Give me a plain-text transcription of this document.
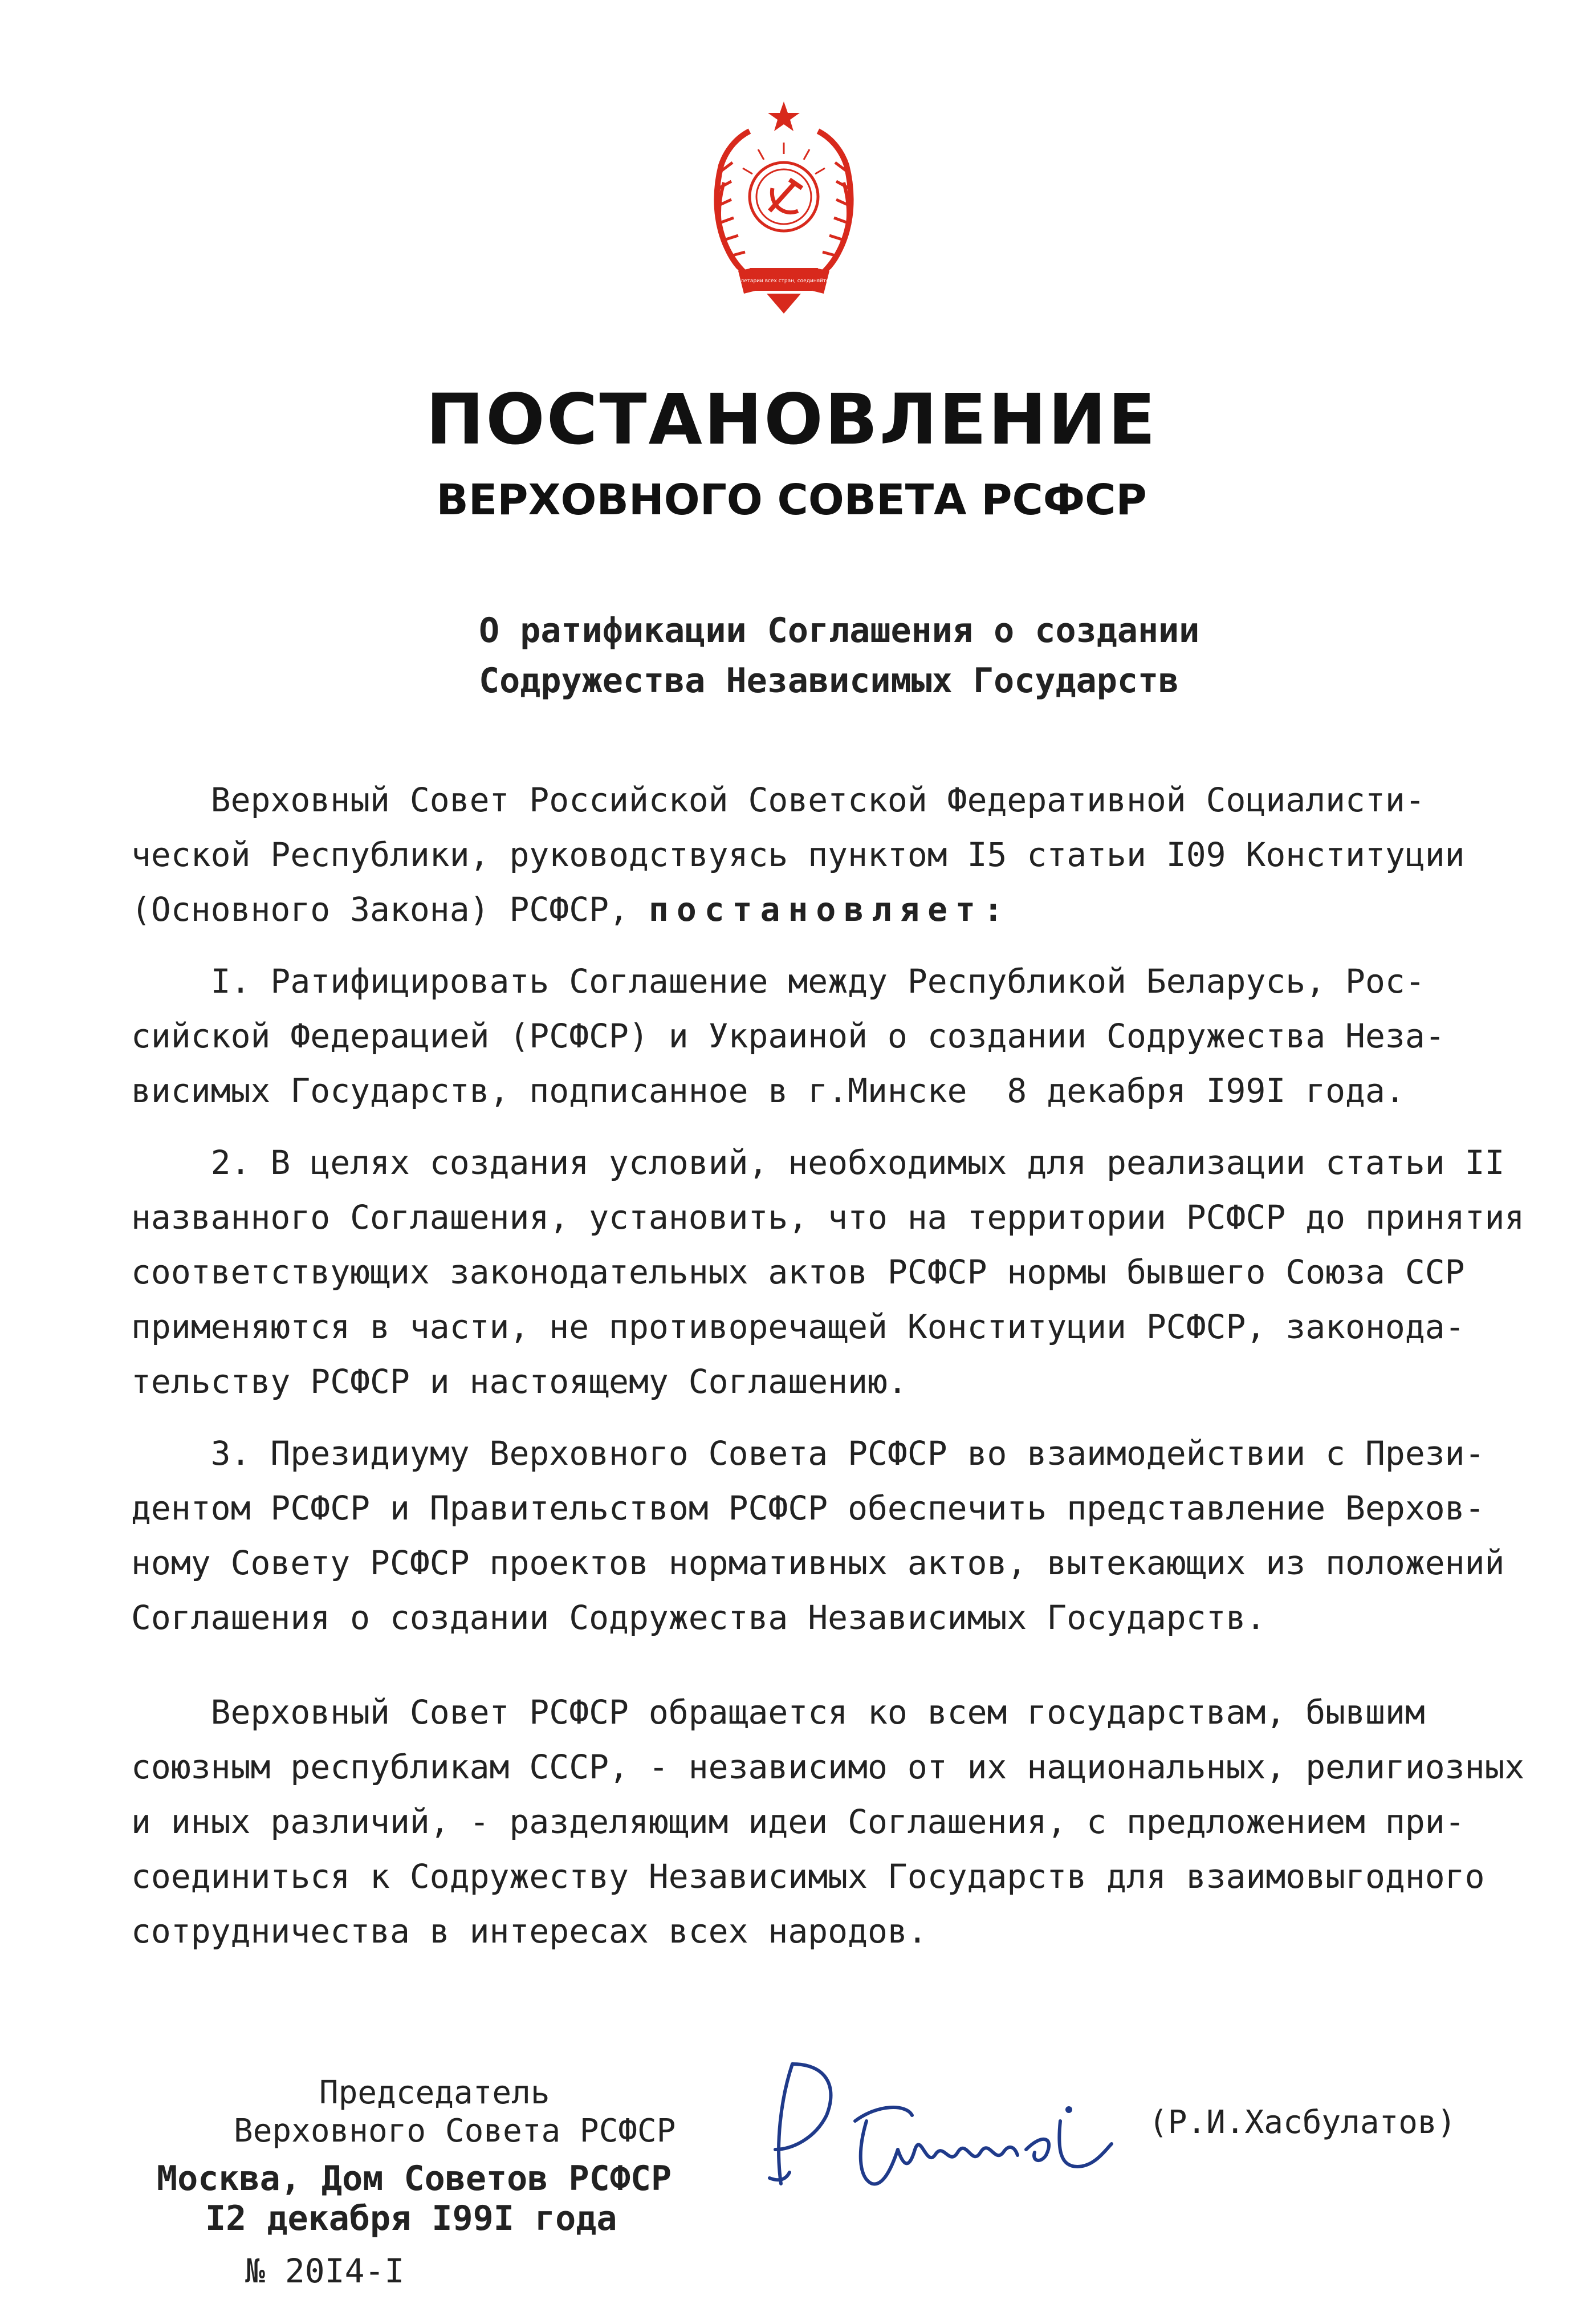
Пролетарии всех стран, соединяйтесь!
ПОСТАНОВЛЕНИЕ
ВЕРХОВНОГО СОВЕТА РСФСР
О ратификации Соглашения о создании
Содружества Независимых Государств
Верховный Совет Российской Советской Федеративной Социалисти-
ческой Республики, руководствуясь пунктом I5 статьи I09 Конституции
(Основного Закона) РСФСР, постановляет:
I. Ратифицировать Соглашение между Республикой Беларусь, Рос-
сийской Федерацией (РСФСР) и Украиной о создании Содружества Неза-
висимых Государств, подписанное в г.Минске  8 декабря I99I года.
2. В целях создания условий, необходимых для реализации статьи II
названного Соглашения, установить, что на территории РСФСР до принятия
соответствующих законодательных актов РСФСР нормы бывшего Союза ССР
применяются в части, не противоречащей Конституции РСФСР, законода-
тельству РСФСР и настоящему Соглашению.
3. Президиуму Верховного Совета РСФСР во взаимодействии с Прези-
дентом РСФСР и Правительством РСФСР обеспечить представление Верхов-
ному Совету РСФСР проектов нормативных актов, вытекающих из положений
Соглашения о создании Содружества Независимых Государств.
Верховный Совет РСФСР обращается ко всем государствам, бывшим
союзным республикам СССР, - независимо от их национальных, религиозных
и иных различий, - разделяющим идеи Соглашения, с предложением при-
соединиться к Содружеству Независимых Государств для взаимовыгодного
сотрудничества в интересах всех народов.
Председатель
Верховного Совета РСФСР
Москва, Дом Советов РСФСР
I2 декабря I99I года
№ 20I4-I
(Р.И.Хасбулатов)
